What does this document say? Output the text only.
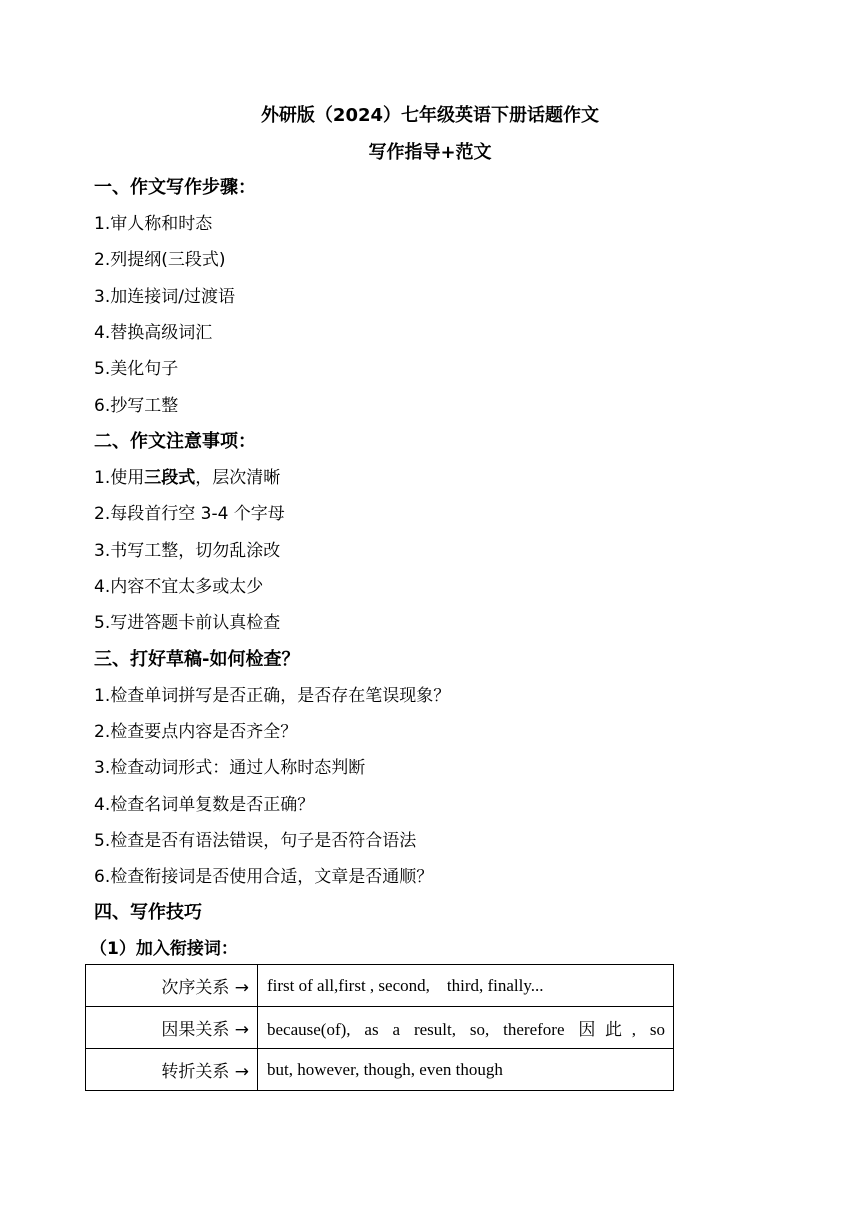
外研版（2024）七年级英语下册话题作文
写作指导+范文
一、作文写作步骤：
1.审人称和时态
2.列提纲(三段式)
3.加连接词/过渡语
4.替换高级词汇
5.美化句子
6.抄写工整
二、作文注意事项：
1.使用三段式，层次清晰
2.每段首行空 3-4 个字母
3.书写工整，切勿乱涂改
4.内容不宜太多或太少
5.写进答题卡前认真检查
三、打好草稿-如何检查？
1.检查单词拼写是否正确，是否存在笔误现象？
2.检查要点内容是否齐全？
3.检查动词形式：通过人称时态判断
4.检查名词单复数是否正确？
5.检查是否有语法错误，句子是否符合语法
6.检查衔接词是否使用合适，文章是否通顺？
四、写作技巧
（1）加入衔接词：
次序关系 →	first of all,first , second,    third, finally...
因果关系 →	because(of), as a result, so, therefore 因此, so
转折关系 →	but, however, though, even though
